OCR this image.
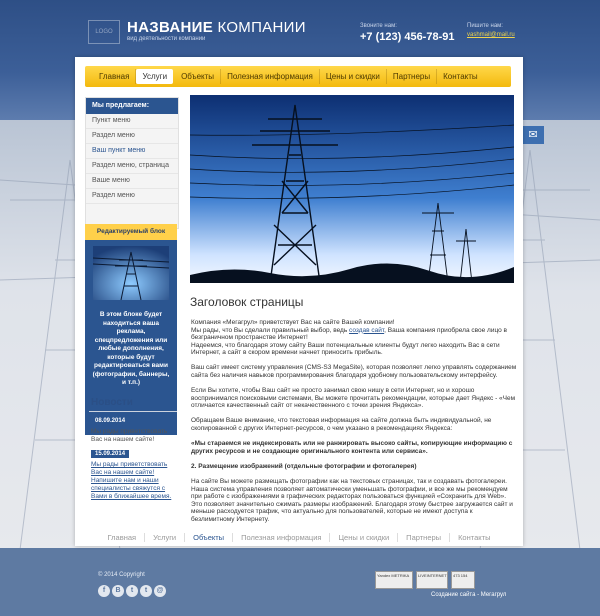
LOGO НАЗВАНИЕ КОМПАНИИ
вид деятельности компании
Звоните нам:
+7 (123) 456-78-91
Пишите нам:
vashmail@mail.ru
✉
Главная	Услуги	Объекты	Полезная информация	Цены и скидки	Партнеры	Контакты
Мы предлагаем:
Пункт меню
Раздел меню
Ваш пункт меню
Раздел меню, страница
Ваше меню
Раздел меню
Редактируемый блок
В этом блоке будет находиться ваша реклама, спецпредложения или любые дополнения, которые будут редактироваться вами (фотографии, баннеры, и т.п.)
Новости
08.09.2014
Мы рады приветствовать Вас на нашем сайте!
15.09.2014
Мы рады приветствовать Вас на нашем сайте! Напишите нам и наши специалисты свяжутся с Вами в ближайшее время.
Заголовок страницы

Компания «Мегагрул» приветствует Вас на сайте Вашей компании!
Мы рады, что Вы сделали правильный выбор, ведь создав сайт, Ваша компания приобрела свое лицо в безграничном пространстве Интернет!
Надеемся, что благодаря этому сайту Ваши потенциальные клиенты будут легко находить Вас в сети Интернет, а сайт в скором времени начнет приносить прибыль.

Ваш сайт имеет систему управления (CMS-S3 MegaSite), которая позволяет легко управлять содержанием сайта без наличия навыков программирования благодаря удобному пользовательскому интерфейсу.

Если Вы хотите, чтобы Ваш сайт не просто занимал свою нишу в сети Интернет, но и хорошо воспринимался поисковыми системами, Вы можете прочитать рекомендации, которые дает Яндекс - «Чем отличается качественный сайт от некачественного с точки зрения Яндекса».

Обращаем Ваше внимание, что текстовая информация на сайте должна быть индивидуальной, не скопированной с других Интернет-ресурсов, о чем указано в рекомендациях Яндекса:

«Мы стараемся не индексировать или не ранжировать высоко сайты, копирующие информацию с других ресурсов и не создающие оригинального контента или сервиса».

2. Размещение изображений (отдельные фотографии и фотогалерея)

На сайте Вы можете размещать фотографии как на текстовых страницах, так и создавать фотогалереи. Наша система управления позволяет автоматически уменьшать фотографии, и все же мы рекомендуем при работе с изображениями в графических редакторах пользоваться функцией «Сохранить для Web». Это позволяет значительно сжимать размеры изображений. Благодаря этому быстрее загружается сайт и меньше расходуется трафик, что актуально для пользователей, которые не имеют доступа к безлимитному Интернету.

Главная	Услуги	Объекты	Полезная информация	Цены и скидки	Партнеры	Контакты
© 2014 Copyright
f	В	t	t	@
Yandex METRIKA	LIVEINTERNET	473 154
Создание сайта - Мегагрул
